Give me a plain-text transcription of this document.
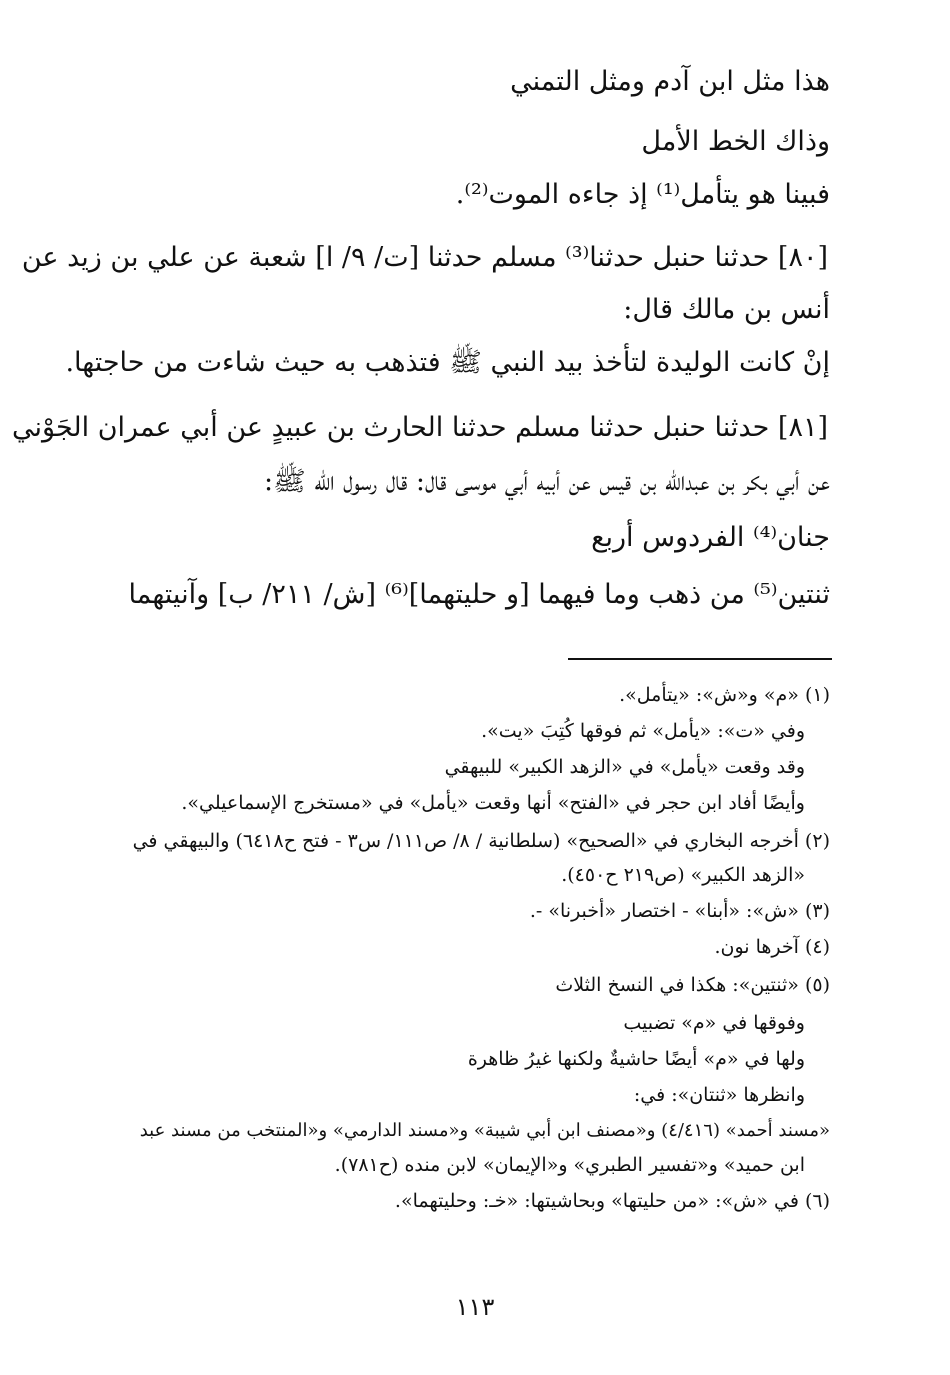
هذا مثل ابن آدم ومثل التمني
وذاك الخط الأمل
فبينا هو يتأمل⁽¹⁾ إذ جاءه الموت⁽²⁾.
[٨٠] حدثنا حنبل حدثنا⁽³⁾ مسلم حدثنا [ت/ ٩/ ا] شعبة عن علي بن زيد عن
أنس بن مالك قال:
إنْ كانت الوليدة لتأخذ بيد النبي ﷺ فتذهب به حيث شاءت من حاجتها.
[٨١] حدثنا حنبل حدثنا مسلم حدثنا الحارث بن عبيدٍ عن أبي عمران الجَوْني
عن أبي بكر بن عبدالله بن قيس عن أبيه أبي موسى قال: قال رسول الله ﷺ:
جنان⁽⁴⁾ الفردوس أربع
ثنتين⁽⁵⁾ من ذهب وما فيهما [و حليتهما]⁽⁶⁾ [ش/ ٢١١/ ب] وآنيتهما
(١) «م» و«ش»: «يتأمل».
وفي «ت»: «يأمل» ثم فوقها كُتِبَ «يت».
وقد وقعت «يأمل» في «الزهد الكبير» للبيهقي
وأيضًا أفاد ابن حجر في «الفتح» أنها وقعت «يأمل» في «مستخرج الإسماعيلي».
(٢) أخرجه البخاري في «الصحيح» (سلطانية / ٨/ ص١١١/ س٣ - فتح ح٦٤١٨) والبيهقي في
«الزهد الكبير» (ص٢١٩ ح٤٥٠).
(٣) «ش»: «أبنا» - اختصار «أخبرنا» -.
(٤) آخرها نون.
(٥) «ثنتين»: هكذا في النسخ الثلاث
وفوقها في «م» تضبيب
ولها في «م» أيضًا حاشيةٌ ولكنها غيرُ ظاهرة
وانظرها «ثنتان»: في:
«مسند أحمد» (٤/٤١٦) و«مصنف ابن أبي شيبة» و«مسند الدارمي» و«المنتخب من مسند عبد
ابن حميد» و«تفسير الطبري» و«الإيمان» لابن منده (ح٧٨١).
(٦) في «ش»: «من حليتها» وبحاشيتها: «خـ: وحليتهما».
١١٣
